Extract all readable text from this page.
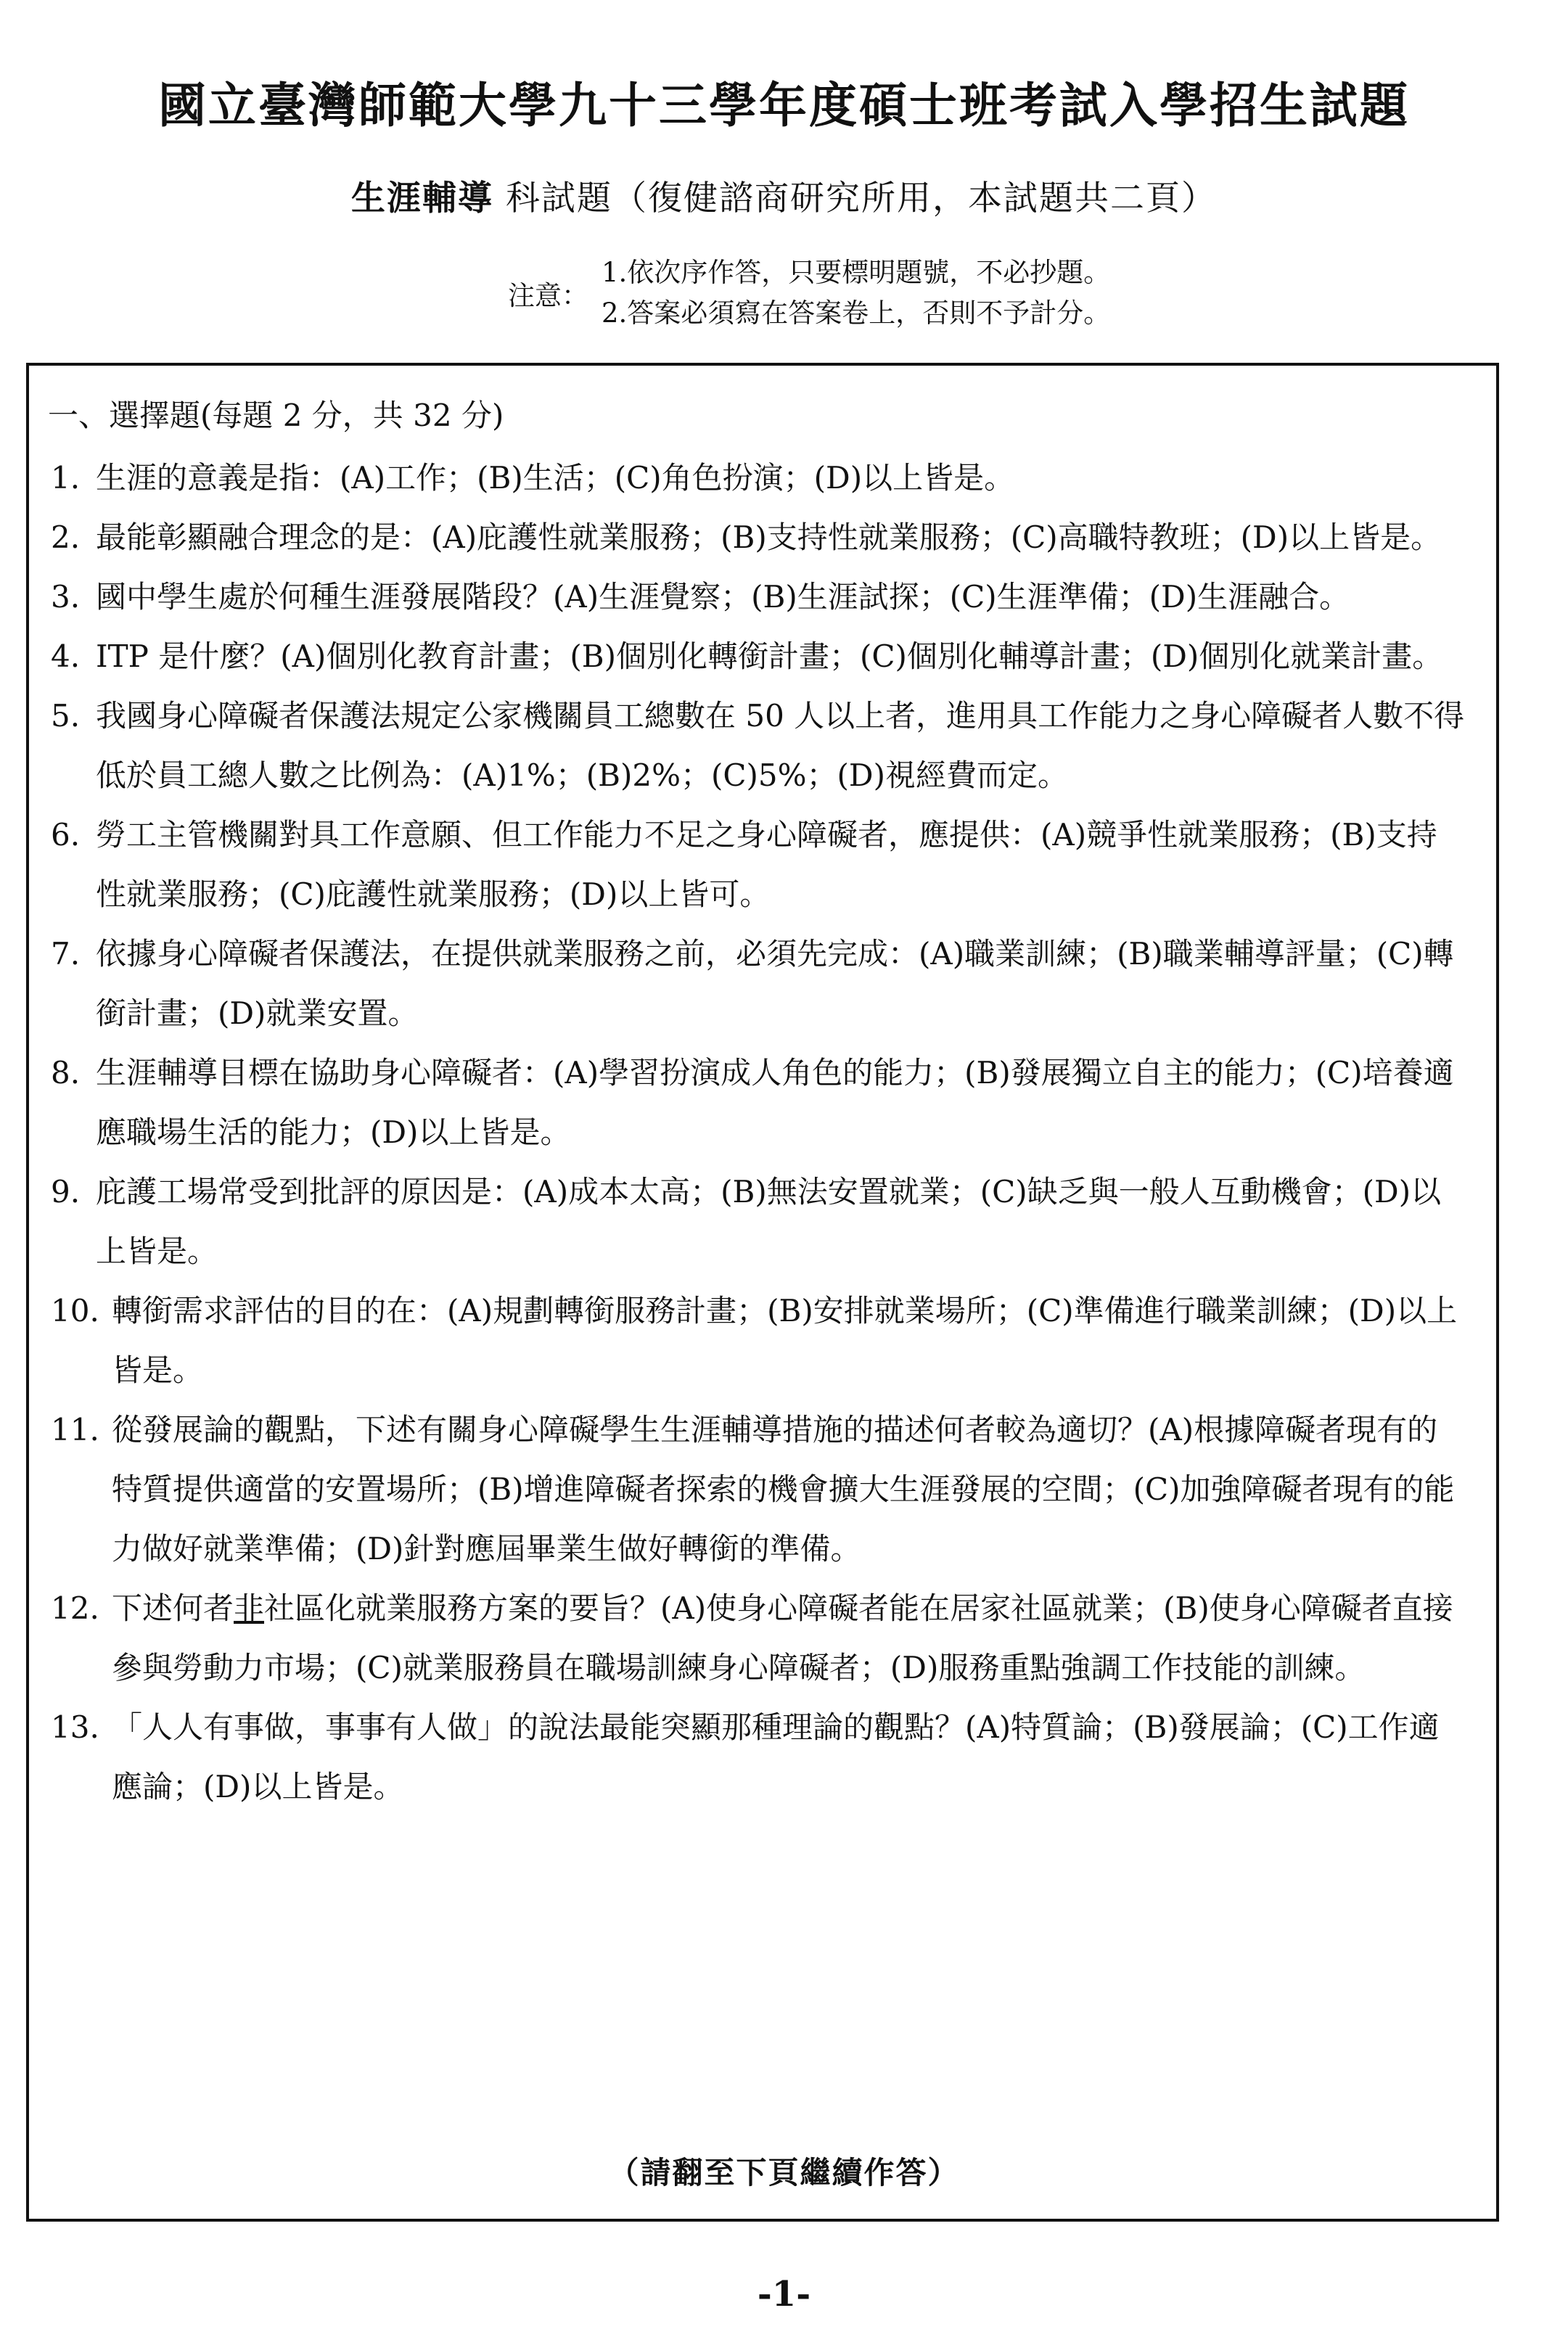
國立臺灣師範大學九十三學年度碩士班考試入學招生試題
生涯輔導 科試題（復健諮商研究所用，本試題共二頁）
注意：
1.依次序作答，只要標明題號，不必抄題。
2.答案必須寫在答案卷上，否則不予計分。
一、選擇題(每題 2 分，共 32 分)
1. 生涯的意義是指：(A)工作；(B)生活；(C)角色扮演；(D)以上皆是。
2. 最能彰顯融合理念的是：(A)庇護性就業服務；(B)支持性就業服務；(C)高職特教班；(D)以上皆是。
3. 國中學生處於何種生涯發展階段？(A)生涯覺察；(B)生涯試探；(C)生涯準備；(D)生涯融合。
4. ITP 是什麼？(A)個別化教育計畫；(B)個別化轉銜計畫；(C)個別化輔導計畫；(D)個別化就業計畫。
5. 我國身心障礙者保護法規定公家機關員工總數在 50 人以上者，進用具工作能力之身心障礙者人數不得低於員工總人數之比例為：(A)1%；(B)2%；(C)5%；(D)視經費而定。
6. 勞工主管機關對具工作意願、但工作能力不足之身心障礙者，應提供：(A)競爭性就業服務；(B)支持性就業服務；(C)庇護性就業服務；(D)以上皆可。
7. 依據身心障礙者保護法，在提供就業服務之前，必須先完成：(A)職業訓練；(B)職業輔導評量；(C)轉銜計畫；(D)就業安置。
8. 生涯輔導目標在協助身心障礙者：(A)學習扮演成人角色的能力；(B)發展獨立自主的能力；(C)培養適應職場生活的能力；(D)以上皆是。
9. 庇護工場常受到批評的原因是：(A)成本太高；(B)無法安置就業；(C)缺乏與一般人互動機會；(D)以上皆是。
10. 轉銜需求評估的目的在：(A)規劃轉銜服務計畫；(B)安排就業場所；(C)準備進行職業訓練；(D)以上皆是。
11. 從發展論的觀點，下述有關身心障礙學生生涯輔導措施的描述何者較為適切？(A)根據障礙者現有的特質提供適當的安置場所；(B)增進障礙者探索的機會擴大生涯發展的空間；(C)加強障礙者現有的能力做好就業準備；(D)針對應屆畢業生做好轉銜的準備。
12. 下述何者非社區化就業服務方案的要旨？(A)使身心障礙者能在居家社區就業；(B)使身心障礙者直接參與勞動力市場；(C)就業服務員在職場訓練身心障礙者；(D)服務重點強調工作技能的訓練。
13. 「人人有事做，事事有人做」的說法最能突顯那種理論的觀點？(A)特質論；(B)發展論；(C)工作適應論；(D)以上皆是。
（請翻至下頁繼續作答）
-1-
